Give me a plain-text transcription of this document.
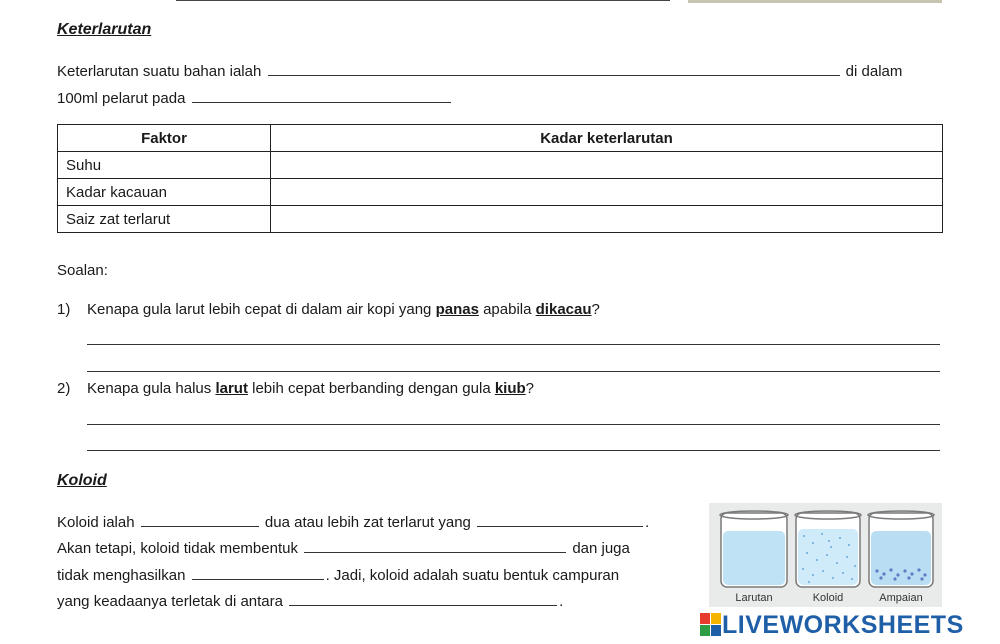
Keterlarutan
Keterlarutan suatu bahan ialah	di dalam
100ml pelarut pada
Faktor	Kadar keterlarutan
Suhu	
Kadar kacauan	
Saiz zat terlarut	
Soalan:
1) Kenapa gula larut lebih cepat di dalam air kopi yang panas apabila dikacau?
2) Kenapa gula halus larut lebih cepat berbanding dengan gula kiub?
Koloid
Koloid ialah	dua atau lebih zat terlarut yang	.
Akan tetapi, koloid tidak membentuk	dan juga
tidak menghasilkan	. Jadi, koloid adalah suatu bentuk campuran
yang keadaanya terletak di antara	.	Larutan	Koloid	Ampaian
LIVEWORKSHEETS
